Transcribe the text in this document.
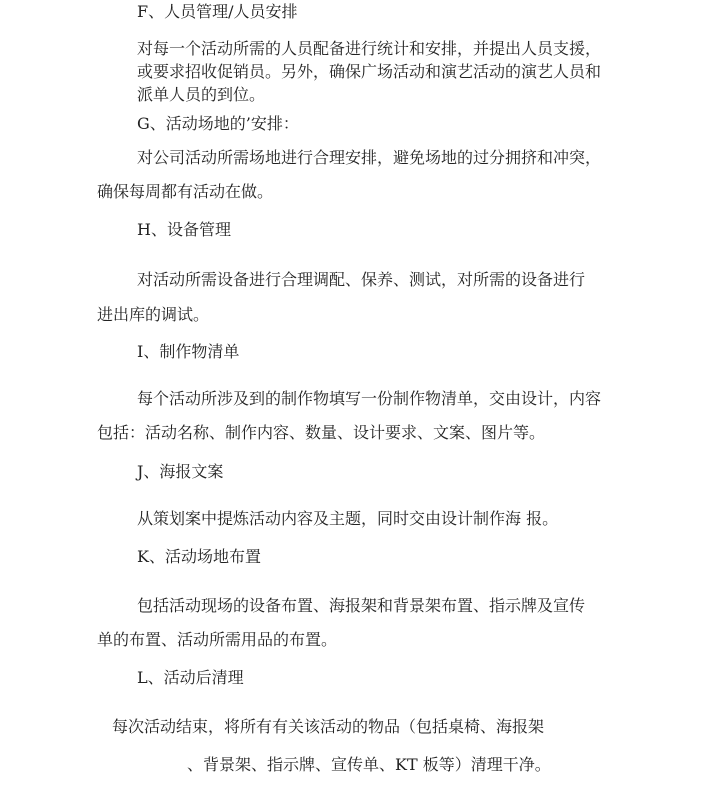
F、人员管理/人员安排
对每一个活动所需的人员配备进行统计和安排，并提出人员支援，
或要求招收促销员。另外，确保广场活动和演艺活动的演艺人员和
派单人员的到位。
G、活动场地的’安排：
对公司活动所需场地进行合理安排，避免场地的过分拥挤和冲突，
确保每周都有活动在做。
H、设备管理
对活动所需设备进行合理调配、保养、测试，对所需的设备进行
进出库的调试。
I、制作物清单
每个活动所涉及到的制作物填写一份制作物清单，交由设计，内容
包括：活动名称、制作内容、数量、设计要求、文案、图片等。
J、海报文案
从策划案中提炼活动内容及主题，同时交由设计制作海 报。
K、活动场地布置
包括活动现场的设备布置、海报架和背景架布置、指示牌及宣传
单的布置、活动所需用品的布置。
L、活动后清理
每次活动结束，将所有有关该活动的物品（包括桌椅、海报架
、背景架、指示牌、宣传单、KT 板等）清理干净。
